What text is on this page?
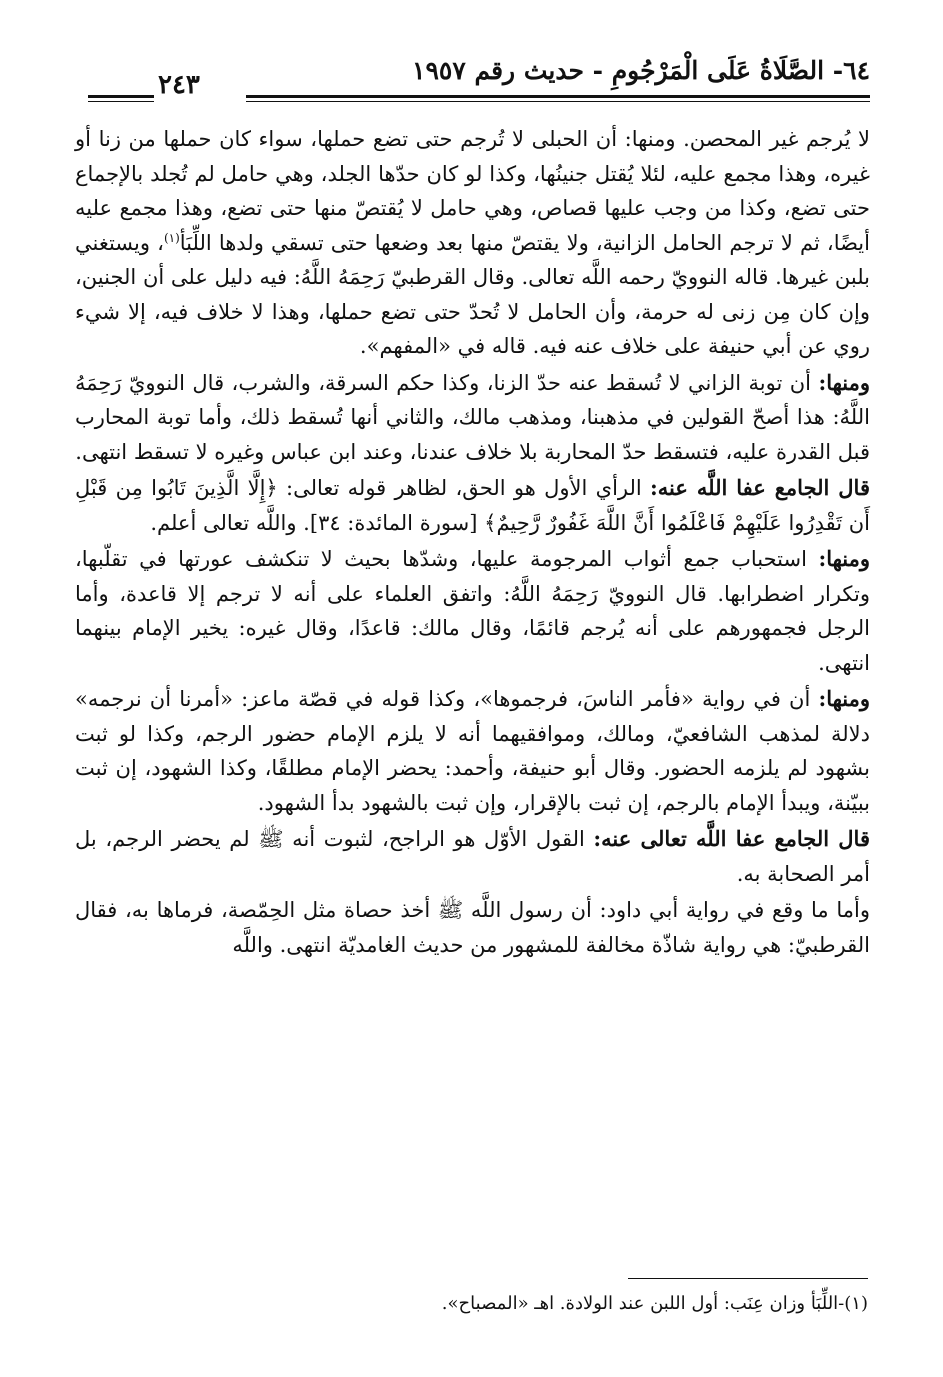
٦٤- الصَّلَاةُ عَلَى الْمَرْجُومِ - حديث رقم ١٩٥٧
٢٤٣

لا يُرجم غير المحصن. ومنها: أن الحبلى لا تُرجم حتى تضع حملها، سواء كان حملها من زنا أو غيره، وهذا مجمع عليه، لئلا يُقتل جنينُها، وكذا لو كان حدّها الجلد، وهي حامل لم تُجلد بالإجماع حتى تضع، وكذا من وجب عليها قصاص، وهي حامل لا يُقتصّ منها حتى تضع، وهذا مجمع عليه أيضًا، ثم لا ترجم الحامل الزانية، ولا يقتصّ منها بعد وضعها حتى تسقي ولدها اللِّبَأ$^{(١)}$، ويستغني بلبن غيرها. قاله النوويّ رحمه اللَّه تعالى. وقال القرطبيّ رَحِمَهُ اللَّهُ: فيه دليل على أن الجنين، وإن كان مِن زنى له حرمة، وأن الحامل لا تُحدّ حتى تضع حملها، وهذا لا خلاف فيه، إلا شيء روي عن أبي حنيفة على خلاف عنه فيه. قاله في «المفهم».

ومنها: أن توبة الزاني لا تُسقط عنه حدّ الزنا، وكذا حكم السرقة، والشرب، قال النوويّ رَحِمَهُ اللَّهُ: هذا أصحّ القولين في مذهبنا، ومذهب مالك، والثاني أنها تُسقط ذلك، وأما توبة المحارب قبل القدرة عليه، فتسقط حدّ المحاربة بلا خلاف عندنا، وعند ابن عباس وغيره لا تسقط انتهى.

قال الجامع عفا اللَّه عنه: الرأي الأول هو الحق، لظاهر قوله تعالى: ﴿إِلَّا الَّذِينَ تَابُوا مِن قَبْلِ أَن تَقْدِرُوا عَلَيْهِمْ فَاعْلَمُوا أَنَّ اللَّهَ غَفُورٌ رَّحِيمٌ﴾ [سورة المائدة: ٣٤]. واللَّه تعالى أعلم.

ومنها: استحباب جمع أثواب المرجومة عليها، وشدّها بحيث لا تنكشف عورتها في تقلّبها، وتكرار اضطرابها. قال النوويّ رَحِمَهُ اللَّهُ: واتفق العلماء على أنه لا ترجم إلا قاعدة، وأما الرجل فجمهورهم على أنه يُرجم قائمًا، وقال مالك: قاعدًا، وقال غيره: يخير الإمام بينهما انتهى.

ومنها: أن في رواية «فأمر الناسَ، فرجموها»، وكذا قوله في قصّة ماعز: «أمرنا أن نرجمه» دلالة لمذهب الشافعيّ، ومالك، وموافقيهما أنه لا يلزم الإمام حضور الرجم، وكذا لو ثبت بشهود لم يلزمه الحضور. وقال أبو حنيفة، وأحمد: يحضر الإمام مطلقًا، وكذا الشهود، إن ثبت ببيّنة، ويبدأ الإمام بالرجم، إن ثبت بالإقرار، وإن ثبت بالشهود بدأ الشهود.

قال الجامع عفا اللَّه تعالى عنه: القول الأوّل هو الراجح، لثبوت أنه ﷺ لم يحضر الرجم، بل أمر الصحابة به.

وأما ما وقع في رواية أبي داود: أن رسول اللَّه ﷺ أخذ حصاة مثل الحِمّصة، فرماها به، فقال القرطبيّ: هي رواية شاذّة مخالفة للمشهور من حديث الغامديّة انتهى. واللَّه

(١)-اللِّبَأ وزان عِنَب: أول اللبن عند الولادة. اهـ «المصباح».
